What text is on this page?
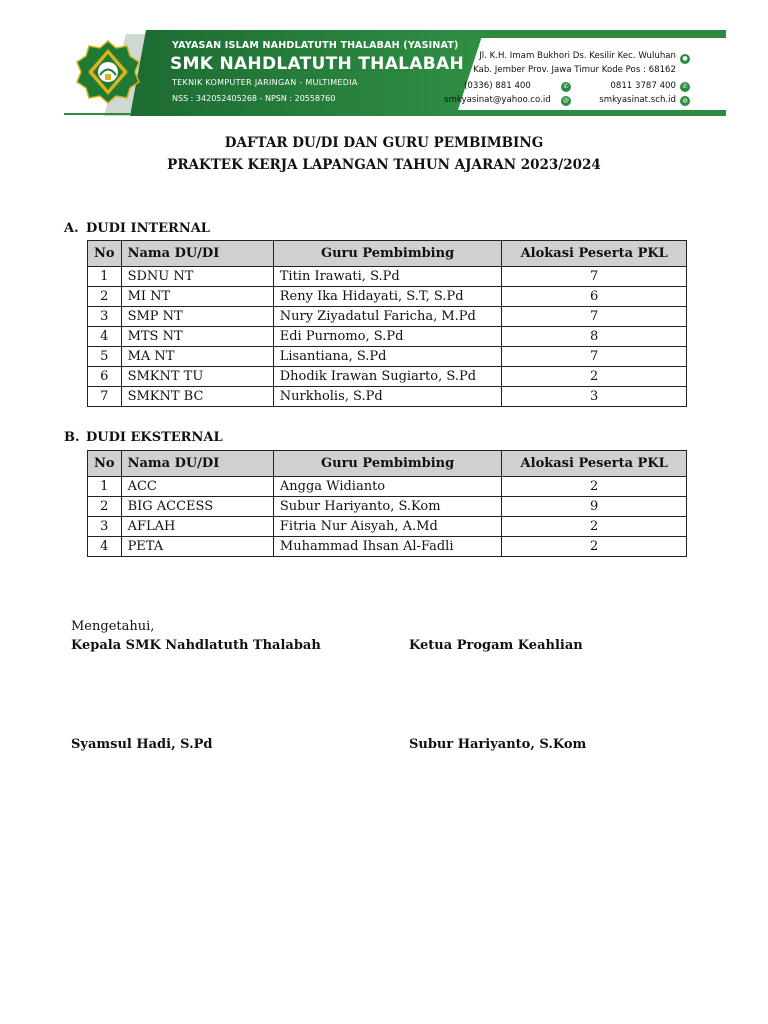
YAYASAN ISLAM NAHDLATUTH THALABAH (YASINAT)
SMK NAHDLATUTH THALABAH
TEKNIK KOMPUTER JARINGAN - MULTIMEDIA
NSS : 342052405268 - NPSN : 20558760
Jl. K.H. Imam Bukhori Ds. Kesilir Kec. Wuluhan	●
Kab. Jember Prov. Jawa Timur Kode Pos : 68162
(0336) 881 400	✆	0811 3787 400	✆
smkyasinat@yahoo.co.id	@	smkyasinat.sch.id	◍
DAFTAR DU/DI DAN GURU PEMBIMBING
PRAKTEK KERJA LAPANGAN TAHUN AJARAN 2023/2024
A. DUDI INTERNAL
No	Nama DU/DI	Guru Pembimbing	Alokasi Peserta PKL
1	SDNU NT	Titin Irawati, S.Pd	7
2	MI NT	Reny Ika Hidayati, S.T, S.Pd	6
3	SMP NT	Nury Ziyadatul Faricha, M.Pd	7
4	MTS NT	Edi Purnomo, S.Pd	8
5	MA NT	Lisantiana, S.Pd	7
6	SMKNT TU	Dhodik Irawan Sugiarto, S.Pd	2
7	SMKNT BC	Nurkholis, S.Pd	3
B. DUDI EKSTERNAL
No	Nama DU/DI	Guru Pembimbing	Alokasi Peserta PKL
1	ACC	Angga Widianto	2
2	BIG ACCESS	Subur Hariyanto, S.Kom	9
3	AFLAH	Fitria Nur Aisyah, A.Md	2
4	PETA	Muhammad Ihsan Al-Fadli	2
Mengetahui,
Kepala SMK Nahdlatuth Thalabah	Ketua Progam Keahlian
Syamsul Hadi, S.Pd	Subur Hariyanto, S.Kom
